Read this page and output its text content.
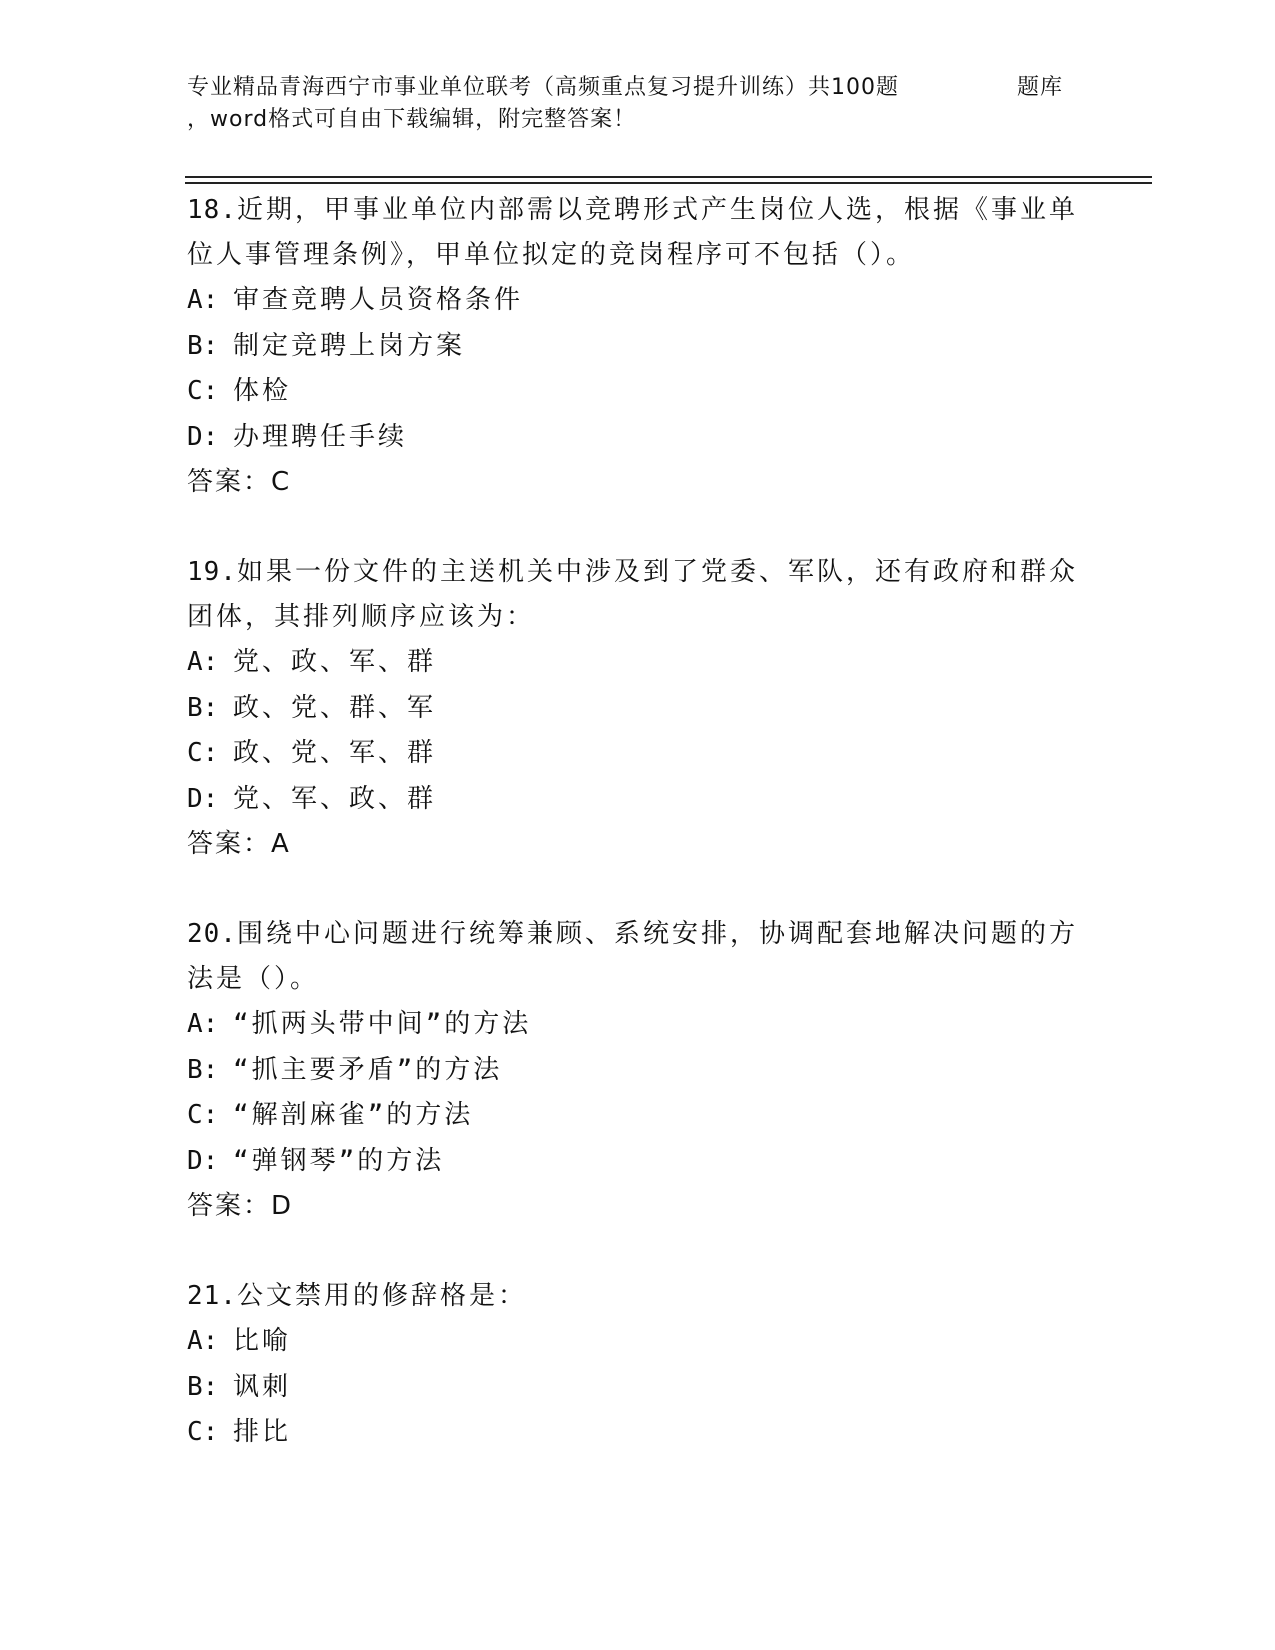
专业精品青海西宁市事业单位联考（高频重点复习提升训练）共100题	题库
，word格式可自由下载编辑，附完整答案！
18.近期，甲事业单位内部需以竞聘形式产生岗位人选，根据《事业单位人事管理条例》，甲单位拟定的竞岗程序可不包括（）。
A: 审查竞聘人员资格条件
B: 制定竞聘上岗方案
C: 体检
D: 办理聘任手续
答案：C
19.如果一份文件的主送机关中涉及到了党委、军队，还有政府和群众团体，其排列顺序应该为：
A: 党、政、军、群
B: 政、党、群、军
C: 政、党、军、群
D: 党、军、政、群
答案：A
20.围绕中心问题进行统筹兼顾、系统安排，协调配套地解决问题的方法是（）。
A: “抓两头带中间”的方法
B: “抓主要矛盾”的方法
C: “解剖麻雀”的方法
D: “弹钢琴”的方法
答案：D
21.公文禁用的修辞格是：
A: 比喻
B: 讽刺
C: 排比
